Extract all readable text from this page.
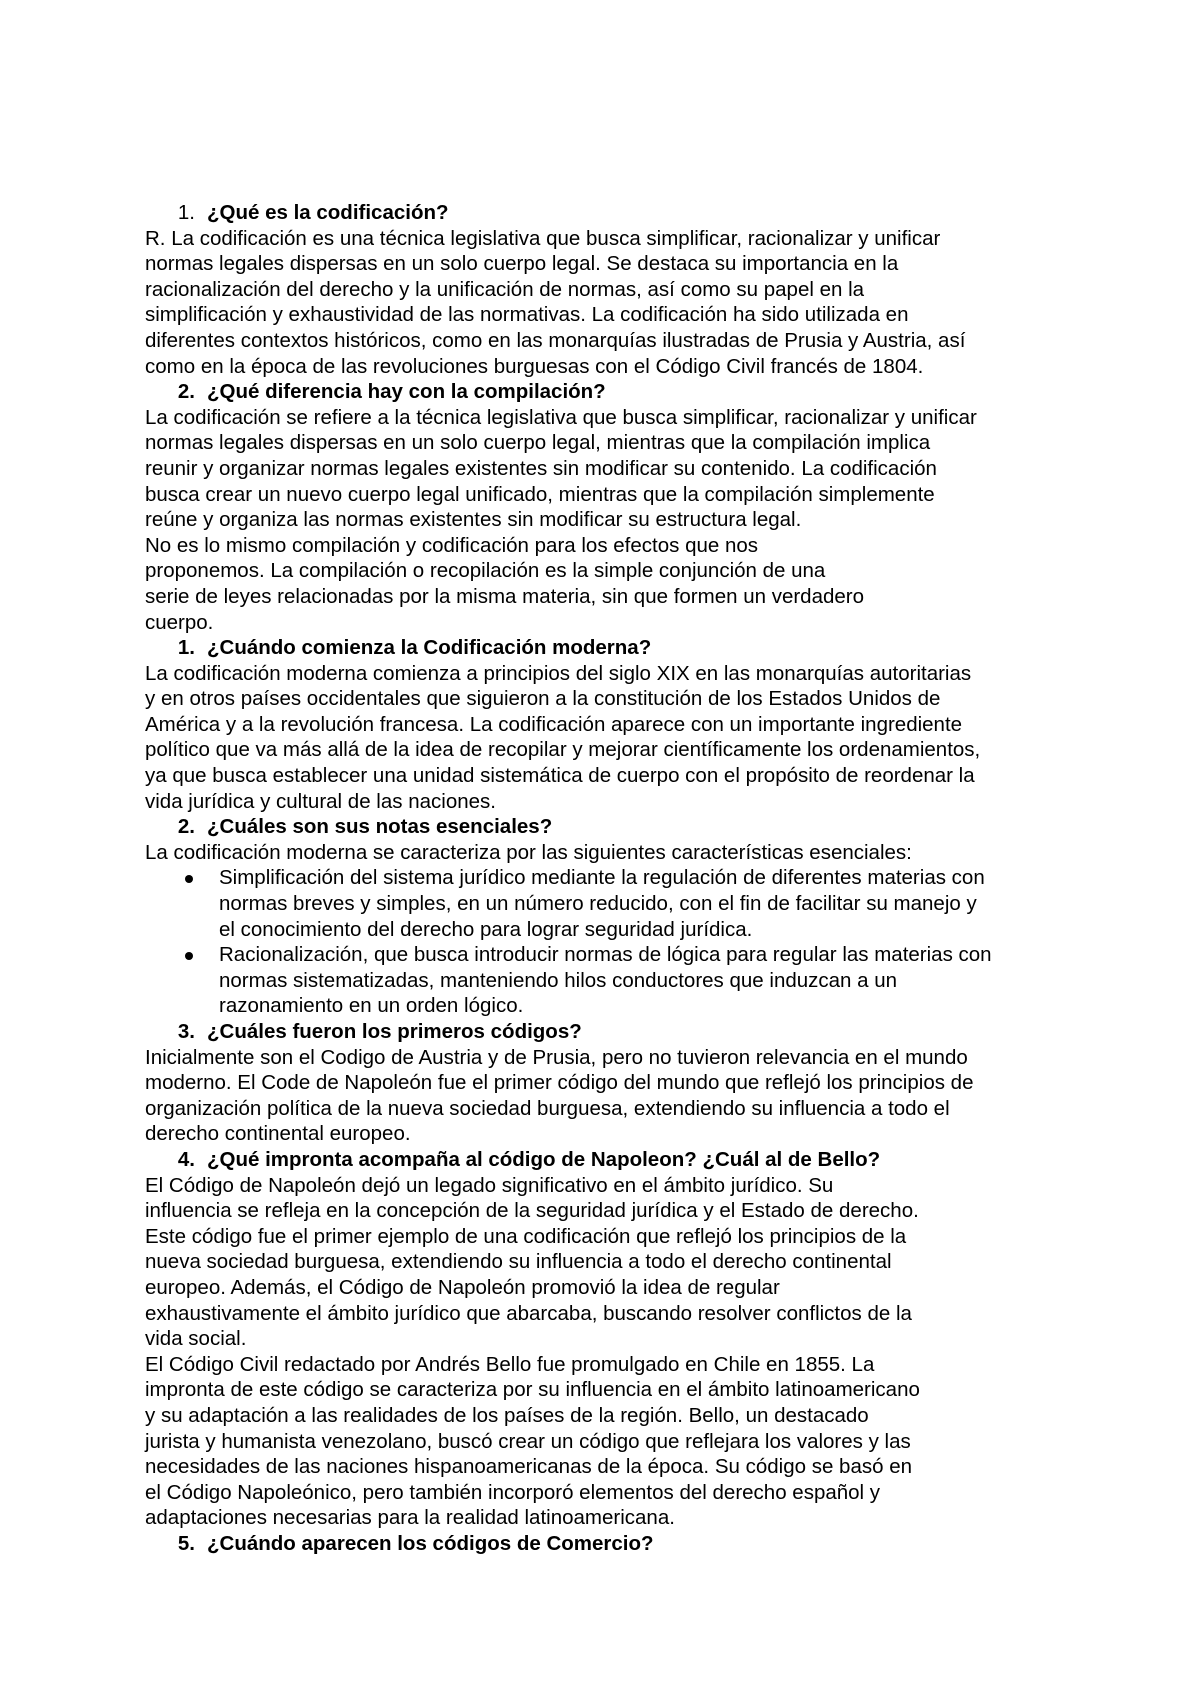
1. ¿Qué es la codificación?

R. La codificación es una técnica legislativa que busca simplificar, racionalizar y unificar

normas legales dispersas en un solo cuerpo legal. Se destaca su importancia en la

racionalización del derecho y la unificación de normas, así como su papel en la

simplificación y exhaustividad de las normativas. La codificación ha sido utilizada en

diferentes contextos históricos, como en las monarquías ilustradas de Prusia y Austria, así

como en la época de las revoluciones burguesas con el Código Civil francés de 1804.

2. ¿Qué diferencia hay con la compilación?

La codificación se refiere a la técnica legislativa que busca simplificar, racionalizar y unificar

normas legales dispersas en un solo cuerpo legal, mientras que la compilación implica

reunir y organizar normas legales existentes sin modificar su contenido. La codificación

busca crear un nuevo cuerpo legal unificado, mientras que la compilación simplemente

reúne y organiza las normas existentes sin modificar su estructura legal.

No es lo mismo compilación y codificación para los efectos que nos

proponemos. La compilación o recopilación es la simple conjunción de una

serie de leyes relacionadas por la misma materia, sin que formen un verdadero

cuerpo.

1. ¿Cuándo comienza la Codificación moderna?

La codificación moderna comienza a principios del siglo XIX en las monarquías autoritarias

y en otros países occidentales que siguieron a la constitución de los Estados Unidos de

América y a la revolución francesa. La codificación aparece con un importante ingrediente

político que va más allá de la idea de recopilar y mejorar científicamente los ordenamientos,

ya que busca establecer una unidad sistemática de cuerpo con el propósito de reordenar la

vida jurídica y cultural de las naciones.

2. ¿Cuáles son sus notas esenciales?

La codificación moderna se caracteriza por las siguientes características esenciales:

Simplificación del sistema jurídico mediante la regulación de diferentes materias con
normas breves y simples, en un número reducido, con el fin de facilitar su manejo y
el conocimiento del derecho para lograr seguridad jurídica.
Racionalización, que busca introducir normas de lógica para regular las materias con
normas sistematizadas, manteniendo hilos conductores que induzcan a un
razonamiento en un orden lógico.
3. ¿Cuáles fueron los primeros códigos?

Inicialmente son el Codigo de Austria y de Prusia, pero no tuvieron relevancia en el mundo

moderno. El Code de Napoleón fue el primer código del mundo que reflejó los principios de

organización política de la nueva sociedad burguesa, extendiendo su influencia a todo el

derecho continental europeo.

4. ¿Qué impronta acompaña al código de Napoleon? ¿Cuál al de Bello?

El Código de Napoleón dejó un legado significativo en el ámbito jurídico. Su

influencia se refleja en la concepción de la seguridad jurídica y el Estado de derecho.

Este código fue el primer ejemplo de una codificación que reflejó los principios de la

nueva sociedad burguesa, extendiendo su influencia a todo el derecho continental

europeo. Además, el Código de Napoleón promovió la idea de regular

exhaustivamente el ámbito jurídico que abarcaba, buscando resolver conflictos de la

vida social.

El Código Civil redactado por Andrés Bello fue promulgado en Chile en 1855. La

impronta de este código se caracteriza por su influencia en el ámbito latinoamericano

y su adaptación a las realidades de los países de la región. Bello, un destacado

jurista y humanista venezolano, buscó crear un código que reflejara los valores y las

necesidades de las naciones hispanoamericanas de la época. Su código se basó en

el Código Napoleónico, pero también incorporó elementos del derecho español y

adaptaciones necesarias para la realidad latinoamericana.

5. ¿Cuándo aparecen los códigos de Comercio?
